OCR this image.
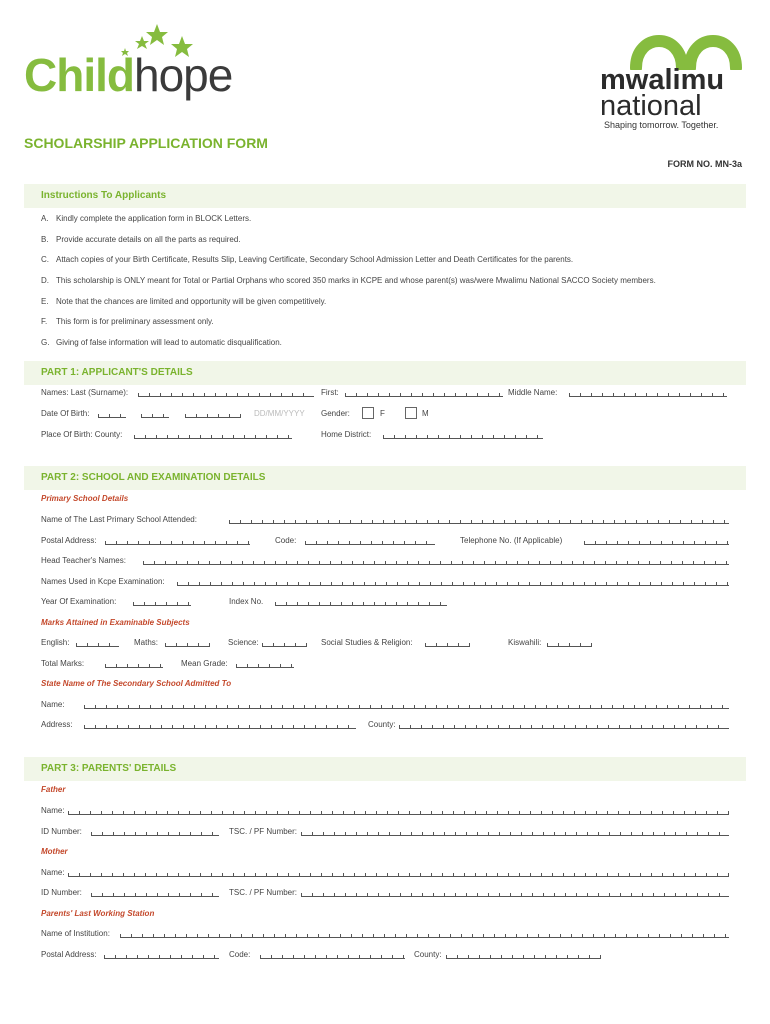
Childhope	mwalimu
national
Shaping tomorrow. Together.
SCHOLARSHIP APPLICATION FORM
FORM NO. MN-3a
Instructions To Applicants
A. Kindly complete the application form in BLOCK Letters.
B. Provide accurate details on all the parts as required.
C. Attach copies of your Birth Certificate, Results Slip, Leaving Certificate, Secondary School Admission Letter and Death Certificates for the parents.
D. This scholarship is ONLY meant for Total or Partial Orphans who scored 350 marks in KCPE and whose parent(s) was/were Mwalimu National SACCO Society members.
E. Note that the chances are limited and opportunity will be given competitively.
F. This form is for preliminary assessment only.
G. Giving of false information will lead to automatic disqualification.
PART 1: APPLICANT'S DETAILS
Names: Last (Surname):	First:	Middle Name:
Date Of Birth:	DD/MM/YYYY Gender:	F	M
Place Of Birth: County:	Home District:
PART 2: SCHOOL AND EXAMINATION DETAILS
Primary School Details
Name of The Last Primary School Attended:
Postal Address:	Code:	Telephone No. (If Applicable)
Head Teacher's Names:
Names Used in Kcpe Examination:
Year Of Examination:	Index No.
Marks Attained in Examinable Subjects
English:	Maths:	Science:	Social Studies & Religion:	Kiswahili:
Total Marks:	Mean Grade:
State Name of The Secondary School Admitted To
Name:
Address:	County:
PART 3: PARENTS' DETAILS
Father
Name:
ID Number:	TSC. / PF Number:
Mother
Name:
ID Number:	TSC. / PF Number:
Parents' Last Working Station
Name of Institution:
Postal Address:	Code:	County:
